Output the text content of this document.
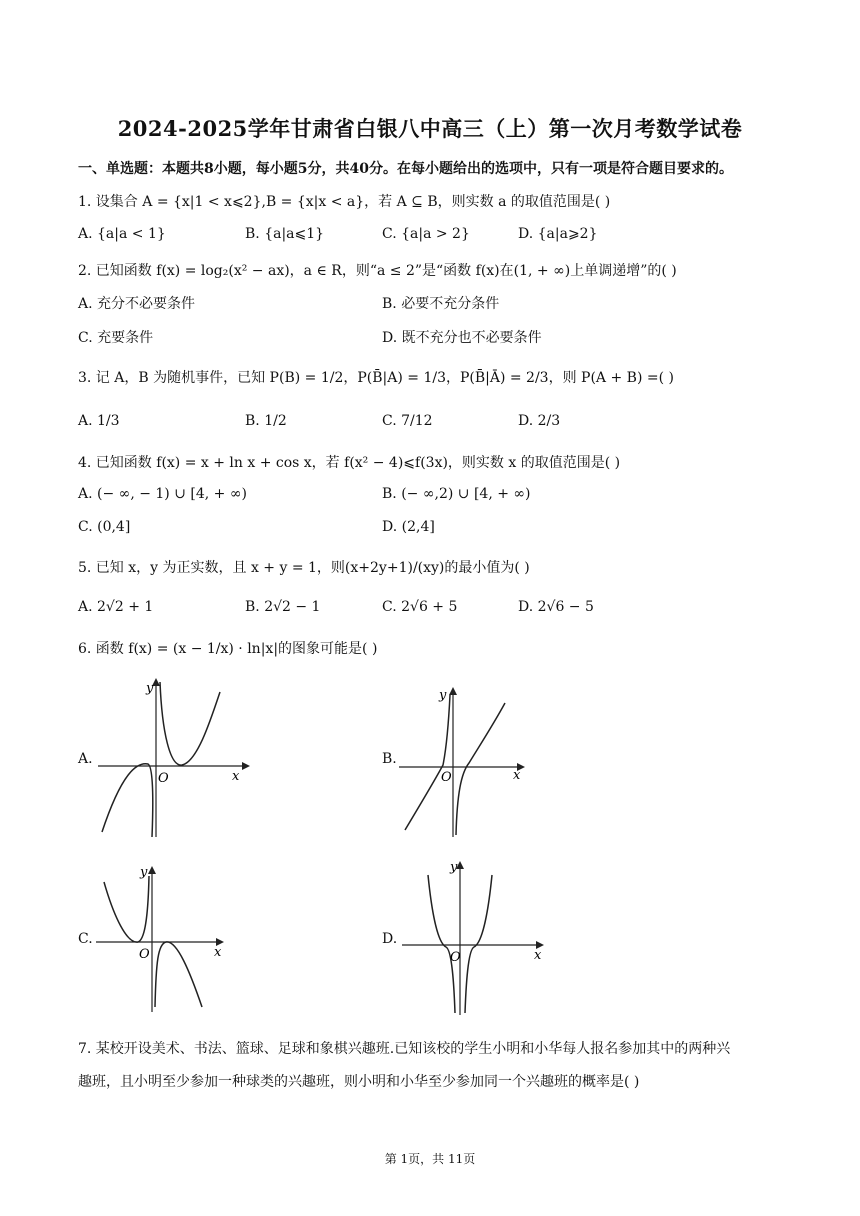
2024-2025学年甘肃省白银八中高三（上）第一次月考数学试卷
一、单选题：本题共8小题，每小题5分，共40分。在每小题给出的选项中，只有一项是符合题目要求的。
1. 设集合 A = {x|1 < x⩽2},B = {x|x < a}，若 A ⊆ B，则实数 a 的取值范围是( )
A. {a|a < 1}	B. {a|a⩽1}	C. {a|a > 2}	D. {a|a⩾2}
2. 已知函数 f(x) = log₂(x² − ax)，a ∈ R，则“a ≤ 2”是“函数 f(x)在(1, + ∞)上单调递增”的( )
A. 充分不必要条件	B. 必要不充分条件
C. 充要条件	D. 既不充分也不必要条件
3. 记 A，B 为随机事件，已知 P(B) = 1/2，P(B̄|A) = 1/3，P(B̄|Ā) = 2/3，则 P(A + B) =( )
A. 1/3	B. 1/2	C. 7/12	D. 2/3
4. 已知函数 f(x) = x + ln x + cos x，若 f(x² − 4)⩽f(3x)，则实数 x 的取值范围是( )
A. (− ∞, − 1) ∪ [4, + ∞)	B. (− ∞,2) ∪ [4, + ∞)
C. (0,4]	D. (2,4]
5. 已知 x，y 为正实数，且 x + y = 1，则(x+2y+1)/(xy)的最小值为( )
A. 2√2 + 1	B. 2√2 − 1	C. 2√6 + 5	D. 2√6 − 5
6. 函数 f(x) = (x − 1/x) · ln|x|的图象可能是( )
A.
O	x
y
B.
O	x
y
C.
O	x
y
D.
O	x
y
7. 某校开设美术、书法、篮球、足球和象棋兴趣班.已知该校的学生小明和小华每人报名参加其中的两种兴
趣班，且小明至少参加一种球类的兴趣班，则小明和小华至少参加同一个兴趣班的概率是( )
第 1页，共 11页
